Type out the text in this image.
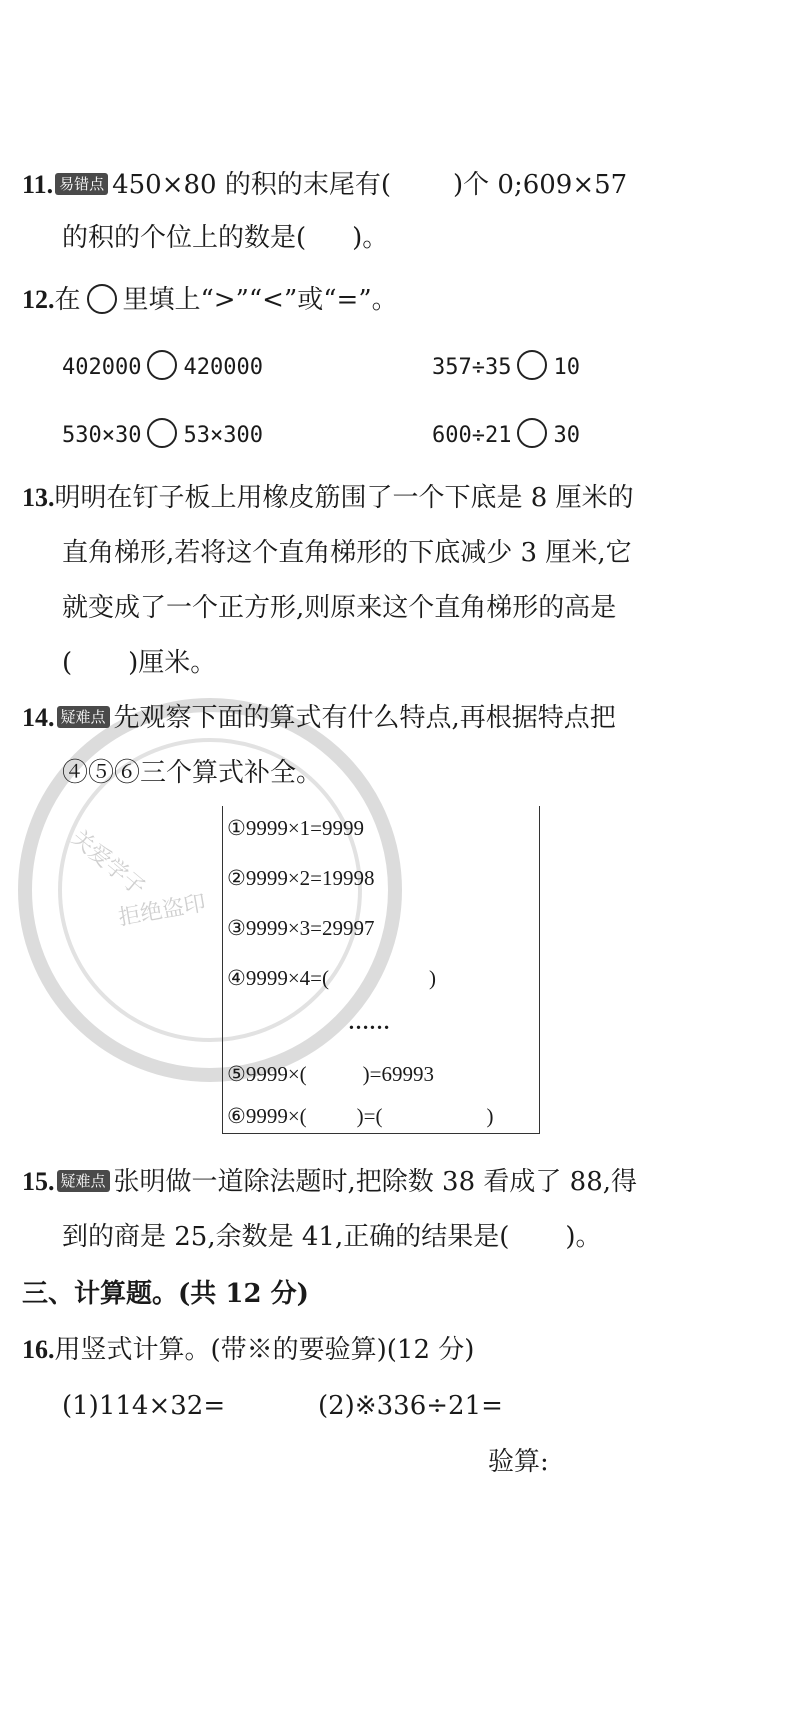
关爱学子
拒绝盗印
11. 易错点 450×80 的积的末尾有( )个 0;609×57
的积的个位上的数是( )。
12.在 里填上“>”“<”或“=”。
402000 420000	357÷35 10
530×30 53×300	600÷21 30
13.明明在钉子板上用橡皮筋围了一个下底是 8 厘米的
直角梯形,若将这个直角梯形的下底减少 3 厘米,它
就变成了一个正方形,则原来这个直角梯形的高是
( )厘米。
14. 疑难点 先观察下面的算式有什么特点,再根据特点把
④⑤⑥三个算式补全。
①9999×1=9999
②9999×2=19998
③9999×3=29997
④9999×4=(	)
……
⑤9999×(	)=69993
⑥9999×( )=(	)
15. 疑难点 张明做一道除法题时,把除数 38 看成了 88,得
到的商是 25,余数是 41,正确的结果是( )。
三、计算题。(共 12 分)
16.用竖式计算。(带※的要验算)(12 分)
(1)114×32=	(2)※336÷21=
验算:
